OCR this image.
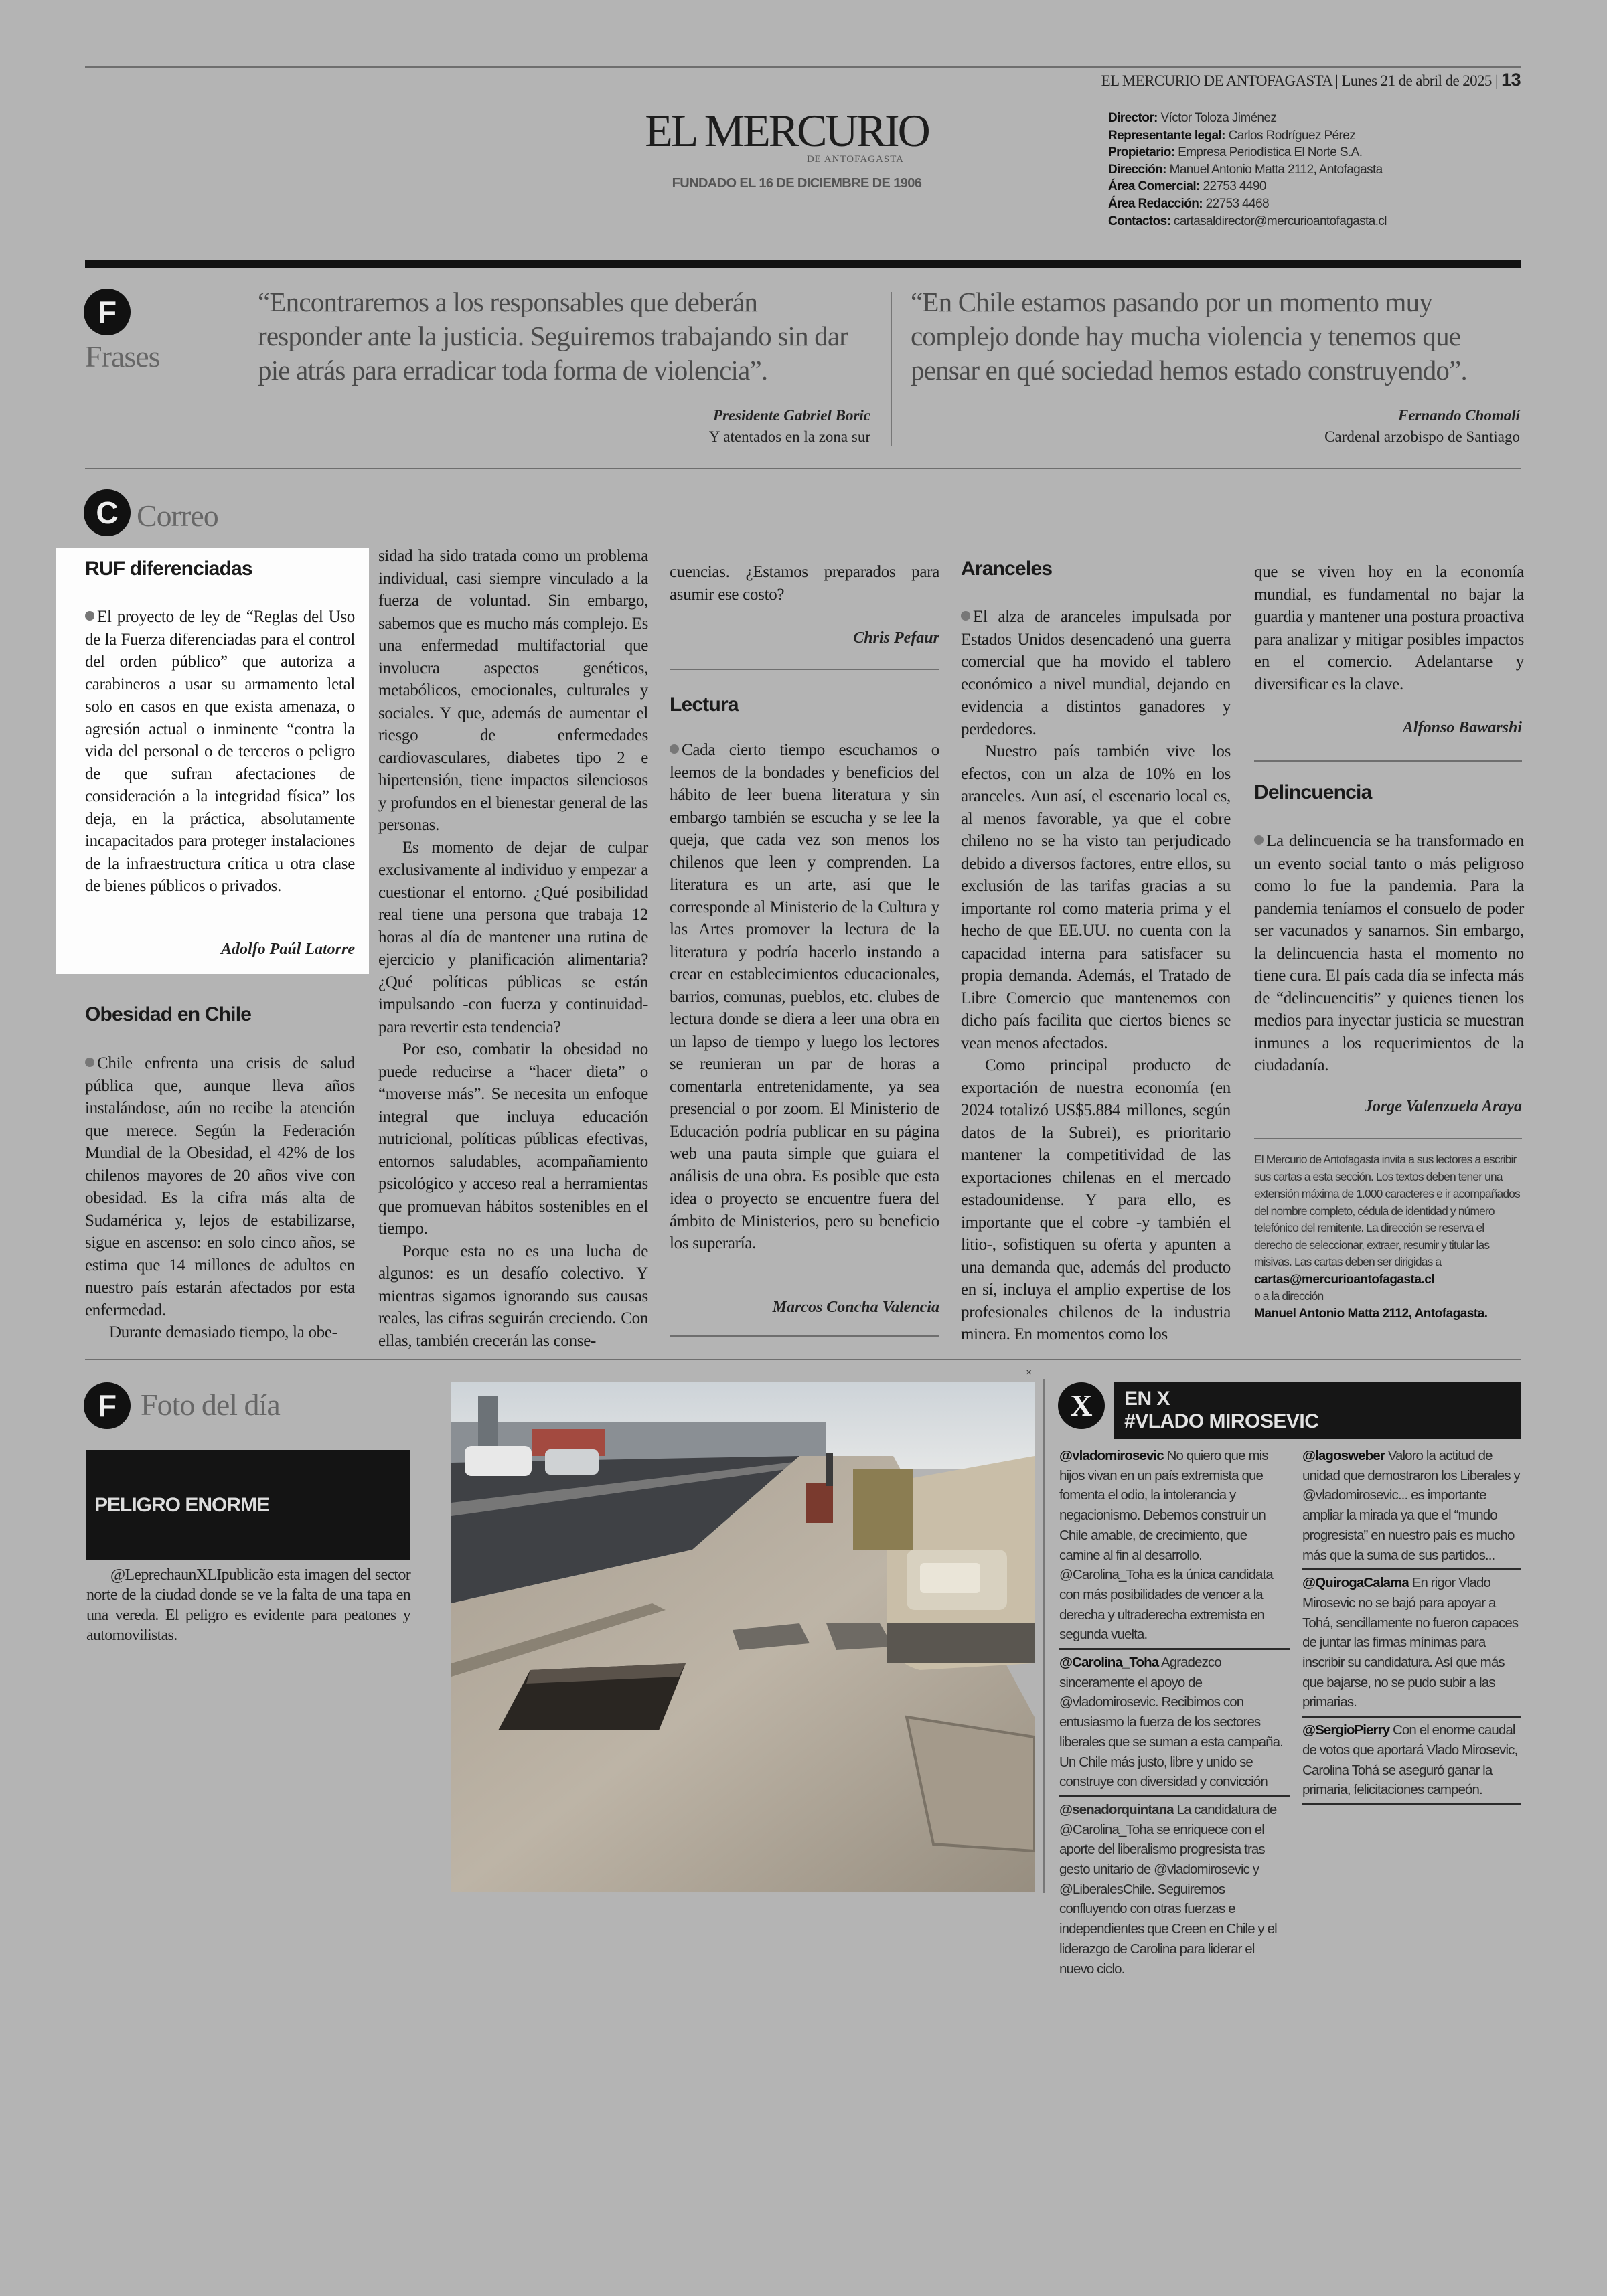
EL MERCURIO DE ANTOFAGASTA | Lunes 21 de abril de 2025 | 13
EL MERCURIO
DE ANTOFAGASTA
FUNDADO EL 16 DE DICIEMBRE DE 1906
Director: Víctor Toloza Jiménez
Representante legal: Carlos Rodríguez Pérez
Propietario: Empresa Periodística El Norte S.A.
Dirección: Manuel Antonio Matta 2112, Antofagasta
Área Comercial: 22753 4490
Área Redacción: 22753 4468
Contactos: cartasaldirector@mercurioantofagasta.cl
F
Frases
“Encontraremos a los responsables que deberán responder ante la justicia. Seguiremos trabajando sin dar pie atrás para erradicar toda forma de violencia”.
Presidente Gabriel Boric
Y atentados en la zona sur
“En Chile estamos pasando por un momento muy complejo donde hay mucha violencia y tenemos que pensar en qué sociedad hemos estado construyendo”.
Fernando Chomalí
Cardenal arzobispo de Santiago
C Correo
RUF diferenciadas

El proyecto de ley de “Reglas del Uso de la Fuerza diferenciadas para el control del orden público” que autoriza a carabineros a usar su armamento letal solo en casos en que exista amenaza, o agresión actual o inminente “contra la vida del personal o de terceros o peligro de que sufran afectaciones de consideración a la integridad física” los deja, en la práctica, absolutamente incapacitados para proteger instalaciones de la infraestructura crítica u otra clase de bienes públicos o privados.

Adolfo Paúl Latorre
Obesidad en Chile

Chile enfrenta una crisis de salud pública que, aunque lleva años instalándose, aún no recibe la atención que merece. Según la Federación Mundial de la Obesidad, el 42% de los chilenos mayores de 20 años vive con obesidad. Es la cifra más alta de Sudamérica y, lejos de estabilizarse, sigue en ascenso: en solo cinco años, se estima que 14 millones de adultos en nuestro país estarán afectados por esta enfermedad.

Durante demasiado tiempo, la obe-

sidad ha sido tratada como un problema individual, casi siempre vinculado a la fuerza de voluntad. Sin embargo, sabemos que es mucho más complejo. Es una enfermedad multifactorial que involucra aspectos genéticos, metabólicos, emocionales, culturales y sociales. Y que, además de aumentar el riesgo de enfermedades cardiovasculares, diabetes tipo 2 e hipertensión, tiene impactos silenciosos y profundos en el bienestar general de las personas.

Es momento de dejar de culpar exclusivamente al individuo y empezar a cuestionar el entorno. ¿Qué posibilidad real tiene una persona que trabaja 12 horas al día de mantener una rutina de ejercicio y planificación alimentaria? ¿Qué políticas públicas se están impulsando -con fuerza y continuidad- para revertir esta tendencia?

Por eso, combatir la obesidad no puede reducirse a “hacer dieta” o “moverse más”. Se necesita un enfoque integral que incluya educación nutricional, políticas públicas efectivas, entornos saludables, acompañamiento psicológico y acceso real a herramientas que promuevan hábitos sostenibles en el tiempo.

Porque esta no es una lucha de algunos: es un desafío colectivo. Y mientras sigamos ignorando sus causas reales, las cifras seguirán creciendo. Con ellas, también crecerán las conse-

cuencias. ¿Estamos preparados para asumir ese costo?

Chris Pefaur
Lectura

Cada cierto tiempo escuchamos o leemos de la bondades y beneficios del hábito de leer buena literatura y sin embargo también se escucha y se lee la queja, que cada vez son menos los chilenos que leen y comprenden. La literatura es un arte, así que le corresponde al Ministerio de la Cultura y las Artes promover la lectura de la literatura y podría hacerlo instando a crear en establecimientos educacionales, barrios, comunas, pueblos, etc. clubes de lectura donde se diera a leer una obra en un lapso de tiempo y luego los lectores se reunieran un par de horas a comentarla entretenidamente, ya sea presencial o por zoom. El Ministerio de Educación podría publicar en su página web una pauta simple que guiara el análisis de una obra. Es posible que esta idea o proyecto se encuentre fuera del ámbito de Ministerios, pero su beneficio los superaría.

Marcos Concha Valencia
Aranceles

El alza de aranceles impulsada por Estados Unidos desencadenó una guerra comercial que ha movido el tablero económico a nivel mundial, dejando en evidencia a distintos ganadores y perdedores.

Nuestro país también vive los efectos, con un alza de 10% en los aranceles. Aun así, el escenario local es, al menos favorable, ya que el cobre chileno no se ha visto tan perjudicado debido a diversos factores, entre ellos, su exclusión de las tarifas gracias a su importante rol como materia prima y el hecho de que EE.UU. no cuenta con la capacidad interna para satisfacer su propia demanda. Además, el Tratado de Libre Comercio que mantenemos con dicho país facilita que ciertos bienes se vean menos afectados.

Como principal producto de exportación de nuestra economía (en 2024 totalizó US$5.884 millones, según datos de la Subrei), es prioritario mantener la competitividad de las exportaciones chilenas en el mercado estadounidense. Y para ello, es importante que el cobre -y también el litio-, sofistiquen su oferta y apunten a una demanda que, además del producto en sí, incluya el amplio expertise de los profesionales chilenos de la industria minera. En momentos como los

que se viven hoy en la economía mundial, es fundamental no bajar la guardia y mantener una postura proactiva para analizar y mitigar posibles impactos en el comercio. Adelantarse y diversificar es la clave.

Alfonso Bawarshi
Delincuencia

La delincuencia se ha transformado en un evento social tanto o más peligroso como lo fue la pandemia. Para la pandemia teníamos el consuelo de poder ser vacunados y sanarnos. Sin embargo, la delincuencia hasta el momento no tiene cura. El país cada día se infecta más de “delincuencitis” y quienes tienen los medios para inyectar justicia se muestran inmunes a los requerimientos de la ciudadanía.

Jorge Valenzuela Araya
El Mercurio de Antofagasta invita a sus lectores a escribir sus cartas a esta sección. Los textos deben tener una extensión máxima de 1.000 caracteres e ir acompañados del nombre completo, cédula de identidad y número telefónico del remitente. La dirección se reserva el derecho de seleccionar, extraer, resumir y titular las misivas. Las cartas deben ser dirigidas a
cartas@mercurioantofagasta.cl
o a la dirección
Manuel Antonio Matta 2112, Antofagasta.
F Foto del día
PELIGRO ENORME
@LeprechaunXLIpublicão esta imagen del sector norte de la ciudad donde se ve la falta de una tapa en una vereda. El peligro es evidente para peatones y automovilistas.
×
X	EN X
#VLADO MIROSEVIC
@vladomirosevic No quiero que mis hijos vivan en un país extremista que fomenta el odio, la intolerancia y negacionismo. Debemos construir un Chile amable, de crecimiento, que camine al fin al desarrollo. @Carolina_Toha es la única candidata con más posibilidades de vencer a la derecha y ultraderecha extremista en segunda vuelta.
@Carolina_Toha Agradezco sinceramente el apoyo de @vladomirosevic. Recibimos con entusiasmo la fuerza de los sectores liberales que se suman a esta campaña. Un Chile más justo, libre y unido se construye con diversidad y convicción
@senadorquintana La candidatura de @Carolina_Toha se enriquece con el aporte del liberalismo progresista tras gesto unitario de @vladomirosevic y @LiberalesChile. Seguiremos confluyendo con otras fuerzas e independientes que Creen en Chile y el liderazgo de Carolina para liderar el nuevo ciclo.
@lagosweber Valoro la actitud de unidad que demostraron los Liberales y @vladomirosevic... es importante ampliar la mirada ya que el “mundo progresista” en nuestro país es mucho más que la suma de sus partidos...
@QuirogaCalama En rigor Vlado Mirosevic no se bajó para apoyar a Tohá, sencillamente no fueron capaces de juntar las firmas mínimas para inscribir su candidatura. Así que más que bajarse, no se pudo subir a las primarias.
@SergioPierry Con el enorme caudal de votos que aportará Vlado Mirosevic, Carolina Tohá se aseguró ganar la primaria, felicitaciones campeón.
